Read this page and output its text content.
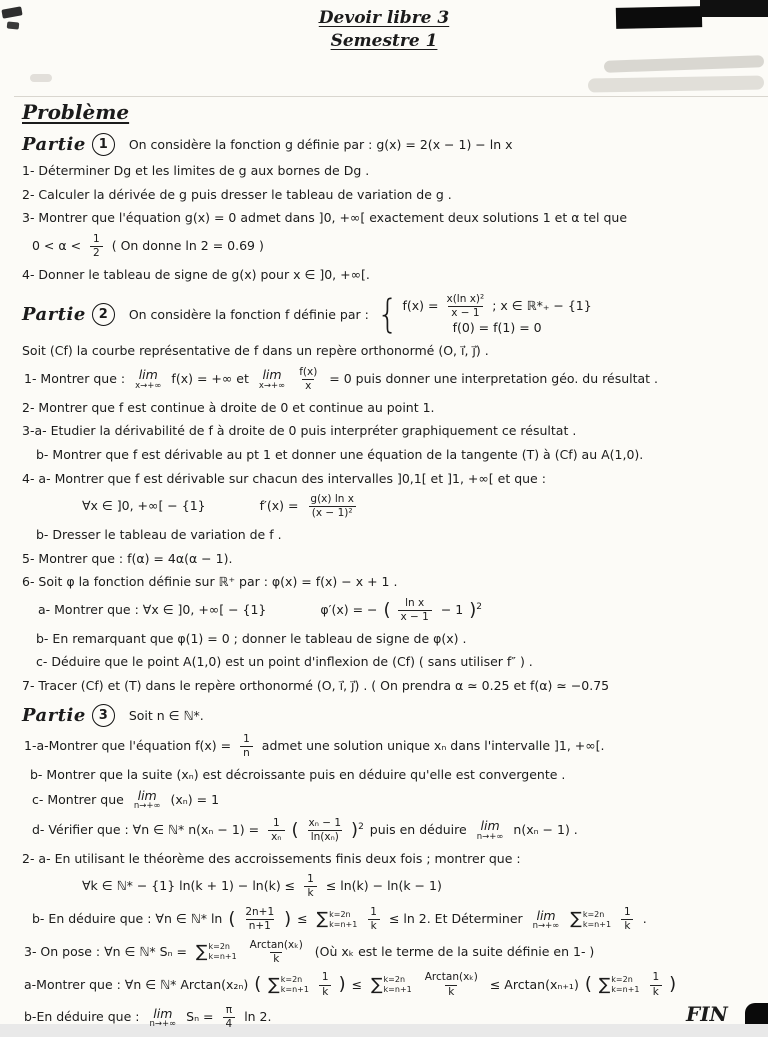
Devoir libre 3
Semestre 1
Problème
Partie 1	On considère la fonction g définie par : g(x) = 2(x − 1) − ln x
1- Déterminer Dg et les limites de g aux bornes de Dg .
2- Calculer la dérivée de g puis dresser le tableau de variation de g .
3- Montrer que l'équation g(x) = 0 admet dans ]0, +∞[ exactement deux solutions 1 et α tel que
$0 < \alpha < \frac{1}{2}$ ( On donne ln 2 = 0.69 )
4- Donner le tableau de signe de g(x) pour x ∈ ]0, +∞[.
Partie 2	On considère la fonction f définie par : { $f(x) = \frac{\text{x(ln x)²}}{x - 1}$ ; x ∈ ℝ*₊ − {1}
f(0) = f(1) = 0
Soit (Cf) la courbe représentative de f dans un repère orthonormé (O, i⃗, j⃗) .
1- Montrer que : lim
x→+∞ f(x) = +∞ et lim
x→+∞
$\frac{f(x)}{x} = 0$ puis donner une interpretation géo. du résultat .
2- Montrer que f est continue à droite de 0 et continue au point 1.
3-a- Etudier la dérivabilité de f à droite de 0 puis interpréter graphiquement ce résultat .
b- Montrer que f est dérivable au pt 1 et donner une équation de la tangente (T) à (Cf) au A(1,0).
4- a- Montrer que f est dérivable sur chacun des intervalles ]0,1[ et ]1, +∞[ et que :
∀x ∈ ]0, +∞[ − {1}	$f'(x) = \frac{\text{g(x) ln x}}{\text{(x − 1)²}}$
b- Dresser le tableau de variation de f .
5- Montrer que : f(α) = 4α(α − 1).
6- Soit φ la fonction définie sur ℝ⁺ par : φ(x) = f(x) − x + 1 .
a- Montrer que : ∀x ∈ ]0, +∞[ − {1}	φ′(x) = − ( $\frac{\text{ln x}}{x - 1} - 1$ )$^2$
b- En remarquant que φ(1) = 0 ; donner le tableau de signe de φ(x) .
c- Déduire que le point A(1,0) est un point d'inflexion de (Cf) ( sans utiliser f″ ) .
7- Tracer (Cf) et (T) dans le repère orthonormé (O, i⃗, j⃗) . ( On prendra α ≃ 0.25 et f(α) ≃ −0.75
Partie 3	Soit n ∈ ℕ*.
1-a-Montrer que l'équation $f(x) = \frac{1}{n}$ admet une solution unique xₙ dans l'intervalle ]1, +∞[.
b- Montrer que la suite (xₙ) est décroissante puis en déduire qu'elle est convergente .
c- Montrer que lim
n→+∞ (xₙ) = 1
d- Vérifier que : ∀n ∈ ℕ* $n(x_n - 1) = \frac{1}{\text{xₙ}}$ ( $\frac{\text{xₙ − 1}}{\text{ln(xₙ)}} )^2$ puis en déduire lim
n→+∞ n(xₙ − 1) .
2- a- En utilisant le théorème des accroissements finis deux fois ; montrer que :
∀k ∈ ℕ* − {1} $\ln(k + 1) - \ln(k) \le \frac{1}{k} \le \ln(k) - \ln(k - 1)$
b- En déduire que : ∀n ∈ ℕ* ln ( $\frac{2n+1}{n+1}$ ) ≤ ∑ k=2n
k=n+1
$\frac{1}{k} \le \ln 2$. Et Déterminer lim
n→+∞
∑ k=2n
k=n+1
$\frac{1}{k}$ .
3- On pose : ∀n ∈ ℕ* Sₙ = ∑ k=2n
k=n+1
$\frac{\text{Arctan(xₖ)}}{k}$ (Où xₖ est le terme de la suite définie en 1- )
a-Montrer que : ∀n ∈ ℕ* Arctan(x₂ₙ) ( ∑ k=2n
k=n+1
$\frac{1}{k}$ ) ≤ ∑ k=2n
k=n+1
$\frac{\text{Arctan(xₖ)}}{k} \le Arctan(x_{n+1})$ ( ∑ k=2n
k=n+1
$\frac{1}{k}$ )
b-En déduire que : lim
n→+∞ $S_n = \frac{\pi}{4}$ ln 2.	FIN
